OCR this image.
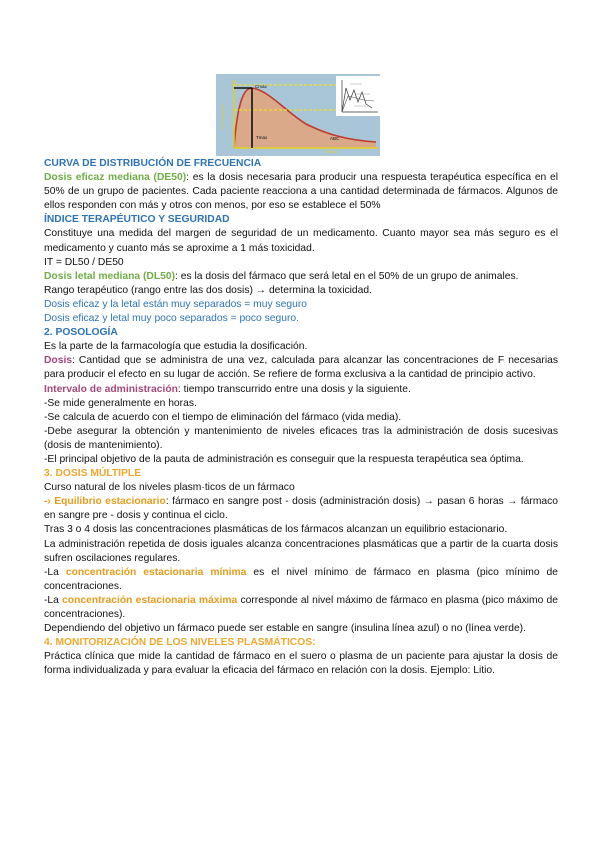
Cmax
Tmax	ABC
Tiempo
Concentración

CURVA DE DISTRIBUCIÓN DE FRECUENCIA

Dosis eficaz mediana (DE50): es la dosis necesaria para producir una respuesta terapéutica específica en el 50% de un grupo de pacientes. Cada paciente reacciona a una cantidad determinada de fármacos. Algunos de ellos responden con más y otros con menos, por eso se establece el 50%

ÍNDICE TERAPÉUTICO Y SEGURIDAD

Constituye una medida del margen de seguridad de un medicamento. Cuanto mayor sea más seguro es el medicamento y cuanto más se aproxime a 1 más toxicidad.

IT = DL50 / DE50

Dosis letal mediana (DL50): es la dosis del fármaco que será letal en el 50% de un grupo de animales.

Rango terapéutico (rango entre las dos dosis) → determina la toxicidad.

Dosis eficaz y la letal están muy separados = muy seguro

Dosis eficaz y letal muy poco separados = poco seguro.

2. POSOLOGÍA

Es la parte de la farmacología que estudia la dosificación.

Dosis: Cantidad que se administra de una vez, calculada para alcanzar las concentraciones de F necesarias para producir el efecto en su lugar de acción. Se refiere de forma exclusiva a la cantidad de principio activo.

Intervalo de administración: tiempo transcurrido entre una dosis y la siguiente.

-Se mide generalmente en horas.

-Se calcula de acuerdo con el tiempo de eliminación del fármaco (vida media).

-Debe asegurar la obtención y mantenimiento de niveles eficaces tras la administración de dosis sucesivas (dosis de mantenimiento).

-El principal objetivo de la pauta de administración es conseguir que la respuesta terapéutica sea óptima.

3. DOSIS MÚLTIPLE

Curso natural de los niveles plasm·ticos de un fármaco

-› Equilibrio estacionario: fármaco en sangre post - dosis (administración dosis) → pasan 6 horas → fármaco en sangre pre - dosis y continua el ciclo.

Tras 3 o 4 dosis las concentraciones plasmáticas de los fármacos alcanzan un equilibrio estacionario.

La administración repetida de dosis iguales alcanza concentraciones plasmáticas que a partir de la cuarta dosis sufren oscilaciones regulares.

-La concentración estacionaria mínima es el nivel mínimo de fármaco en plasma (pico mínimo de concentraciones.

-La concentración estacionaria máxima corresponde al nivel máximo de fármaco en plasma (pico máximo de concentraciones).

Dependiendo del objetivo un fármaco puede ser estable en sangre (insulina línea azul) o no (línea verde).

4. MONITORIZACIÓN DE LOS NIVELES PLASMÁTICOS:

Práctica clínica que mide la cantidad de fármaco en el suero o plasma de un paciente para ajustar la dosis de forma individualizada y para evaluar la eficacia del fármaco en relación con la dosis. Ejemplo: Litio.
